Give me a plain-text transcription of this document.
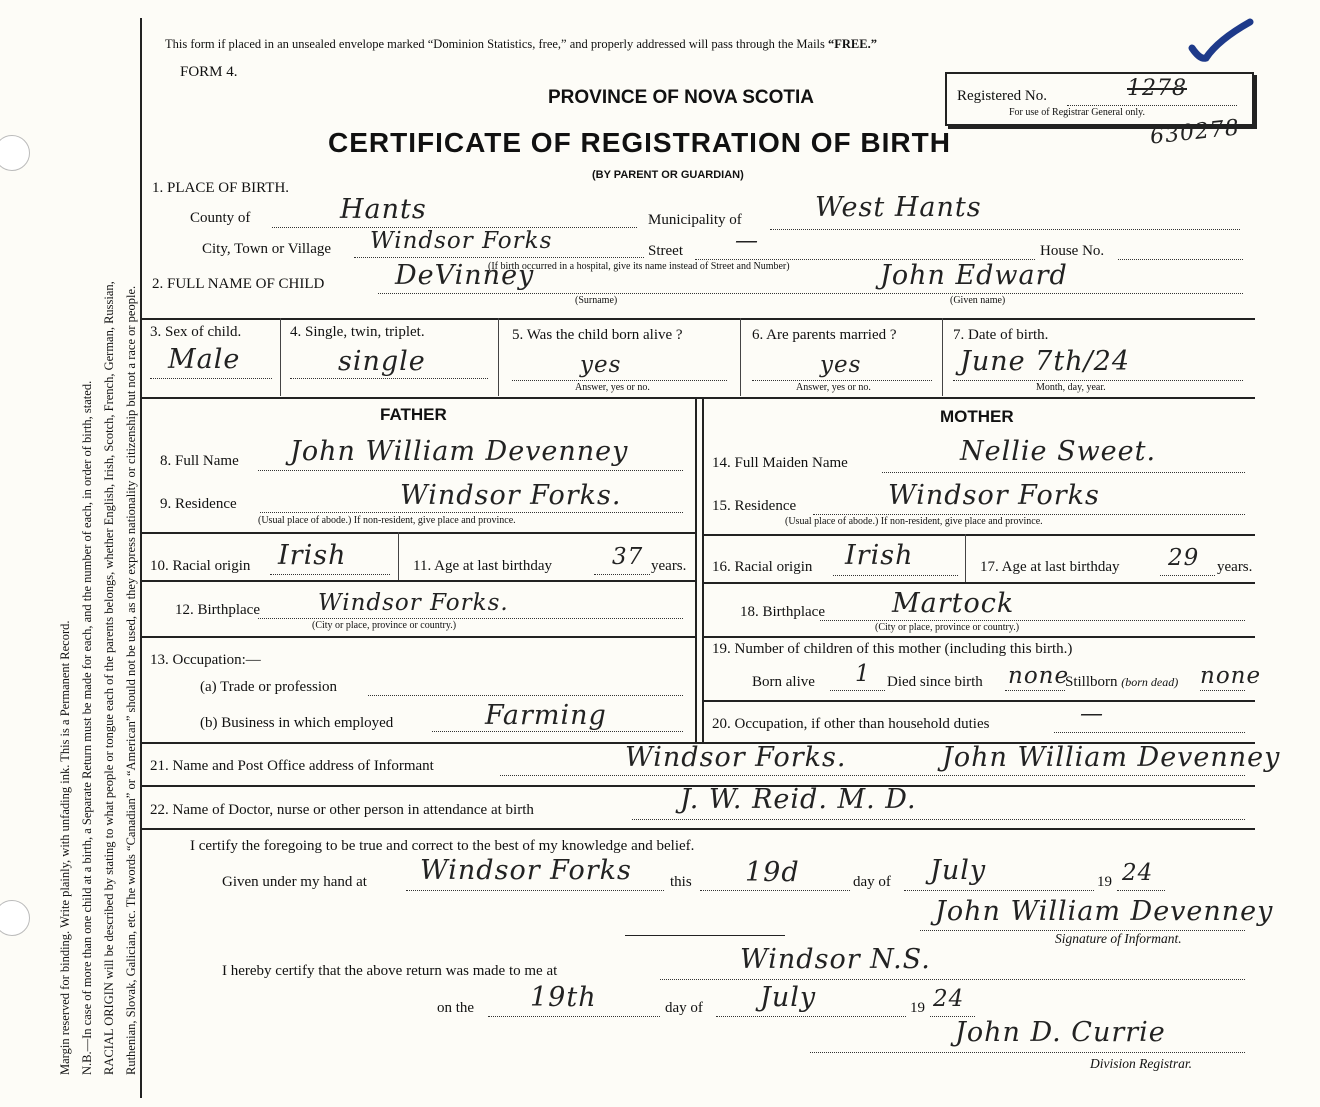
Margin reserved for binding. Write plainly, with unfading ink. This is a Permanent Record. N.B.—In case of more than one child at a birth, a Separate Return must be made for each, and the number of each, in order of birth, stated. RACIAL ORIGIN will be described by stating to what people or tongue each of the parents belongs, whether English, Irish, Scotch, French, German, Russian, Ruthenian, Slovak, Galician, etc. The words “Canadian” or “American” should not be used, as they express nationality or citizenship but not a race or people.
This form if placed in an unsealed envelope marked “Dominion Statistics, free,” and properly addressed will pass through the Mails “FREE.”
FORM 4.
PROVINCE OF NOVA SCOTIA
CERTIFICATE OF REGISTRATION OF BIRTH
(BY PARENT OR GUARDIAN)
Registered No.	1278
For use of Registrar General only.
630278
1. PLACE OF BIRTH.
County of	Hants	Municipality of	West Hants
City, Town or Village Windsor Forks	Street —	House No.
(If birth occurred in a hospital, give its name instead of Street and Number)
2. FULL NAME OF CHILD	DeVinney
(Surname)
John Edward
(Given name)
3. Sex of child.
Male
4. Single, twin, triplet.
single
5. Was the child born alive ?
yes
Answer, yes or no.
6. Are parents married ?
yes
Answer, yes or no.
7. Date of birth.
June 7th/24
Month, day, year.
FATHER	MOTHER
8. Full Name John William Devenney
9. Residence	Windsor Forks.
(Usual place of abode.) If non-resident, give place and province.
10. Racial origin Irish	11. Age at last birthday	37 years.
12. Birthplace	Windsor Forks.
(City or place, province or country.)
13. Occupation:—
(a) Trade or profession
(b) Business in which employed	Farming
14. Full Maiden Name	Nellie Sweet.
15. Residence	Windsor Forks
(Usual place of abode.) If non-resident, give place and province.
16. Racial origin Irish	17. Age at last birthday 29 years.
18. Birthplace Martock
(City or place, province or country.)
19. Number of children of this mother (including this birth.)
Born alive 1 Died since birth none
Stillborn (born dead) none
20. Occupation, if other than household duties	—
21. Name and Post Office address of Informant	Windsor Forks.	John William Devenney
22. Name of Doctor, nurse or other person in attendance at birth	J. W. Reid. M. D.
I certify the foregoing to be true and correct to the best of my knowledge and belief.
Given under my hand at Windsor Forks	this 19d	day of July	19 24
John William Devenney
Signature of Informant.
I hereby certify that the above return was made to me at	Windsor N.S.
on the 19th	day of July	19 24
John D. Currie
Division Registrar.
